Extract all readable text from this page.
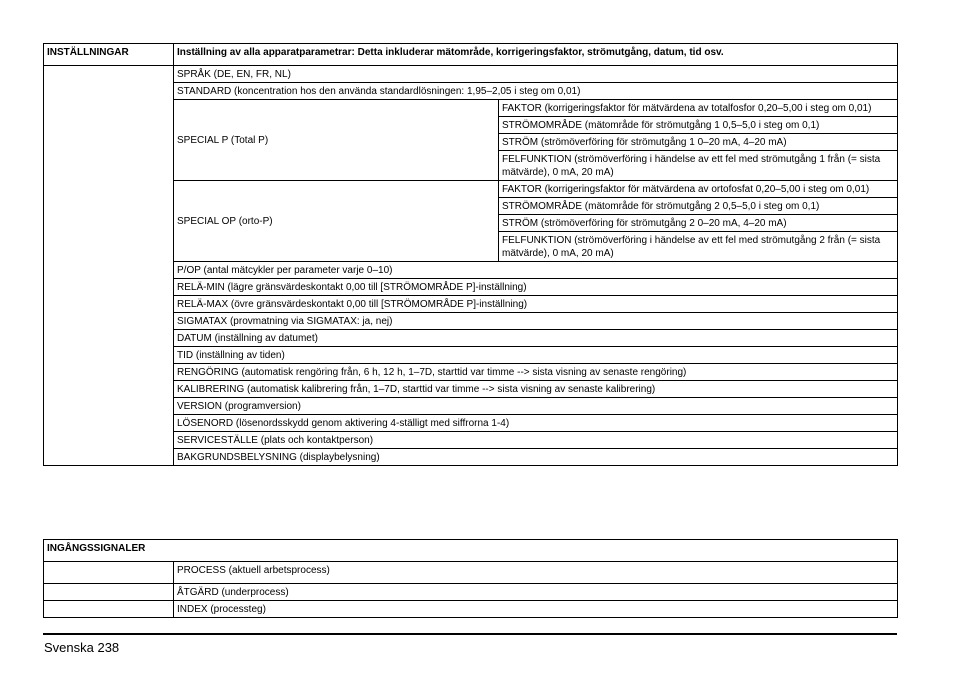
INSTÄLLNINGAR	Inställning av alla apparatparametrar: Detta inkluderar mätområde, korrigeringsfaktor, strömutgång, datum, tid osv.	
	SPRÅK (DE, EN, FR, NL)	
	STANDARD (koncentration hos den använda standardlösningen: 1,95–2,05 i steg om 0,01)	
	SPECIAL P (Total P)	FAKTOR (korrigeringsfaktor för mätvärdena av totalfosfor 0,20–5,00 i steg om 0,01)
		STRÖMOMRÅDE (mätområde för strömutgång 1 0,5–5,0 i steg om 0,1)
		STRÖM (strömöverföring för strömutgång 1 0–20 mA, 4–20 mA)
		FELFUNKTION (strömöverföring i händelse av ett fel med strömutgång 1 från (= sista mätvärde), 0 mA, 20 mA)
	SPECIAL OP (orto-P)	FAKTOR (korrigeringsfaktor för mätvärdena av ortofosfat 0,20–5,00 i steg om 0,01)
		STRÖMOMRÅDE (mätområde för strömutgång 2 0,5–5,0 i steg om 0,1)
		STRÖM (strömöverföring för strömutgång 2 0–20 mA, 4–20 mA)
		FELFUNKTION (strömöverföring i händelse av ett fel med strömutgång 2 från (= sista mätvärde), 0 mA, 20 mA)
	P/OP (antal mätcykler per parameter varje 0–10)	
	RELÄ-MIN (lägre gränsvärdeskontakt 0,00 till [STRÖMOMRÅDE P]-inställning)	
	RELÄ-MAX (övre gränsvärdeskontakt 0,00 till [STRÖMOMRÅDE P]-inställning)	
	SIGMATAX (provmatning via SIGMATAX: ja, nej)	
	DATUM (inställning av datumet)	
	TID (inställning av tiden)	
	RENGÖRING (automatisk rengöring från, 6 h, 12 h, 1–7D, starttid var timme --> sista visning av senaste rengöring)	
	KALIBRERING (automatisk kalibrering från, 1–7D, starttid var timme --> sista visning av senaste kalibrering)	
	VERSION (programversion)	
	LÖSENORD (lösenordsskydd genom aktivering 4-ställigt med siffrorna 1-4)	
	SERVICESTÄLLE (plats och kontaktperson)	
	BAKGRUNDSBELYSNING (displaybelysning)	
INGÅNGSSIGNALER	
	PROCESS (aktuell arbetsprocess)
	ÅTGÄRD (underprocess)
	INDEX (processteg)
Svenska 238
